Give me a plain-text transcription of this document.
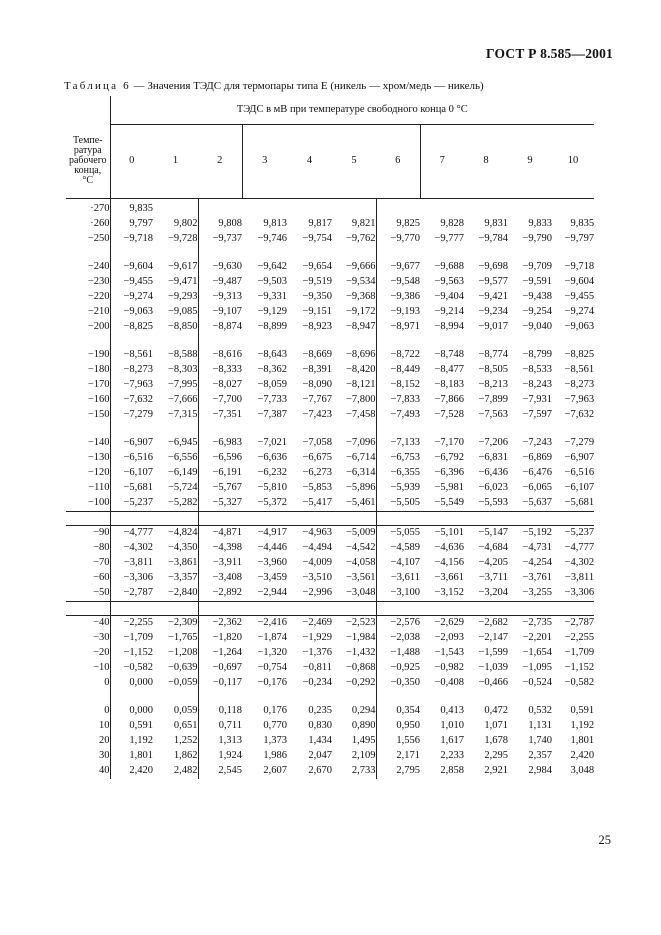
ГОСТ Р 8.585—2001
Таблица 6 — Значения ТЭДС для термопары типа Е (никель — хром/медь — никель)
	ТЭДС в мВ при температуре свободного конца 0 °С										

Темпе-
ратура
рабочего
конца,
°С	0	1	2	3	4	5	6	7	8	9	10
·270	9,835										
·260	9,797	9,802	9,808	9,813	9,817	9,821	9,825	9,828	9,831	9,833	9,835
−250	−9,718	−9,728	−9,737	−9,746	−9,754	−9,762	−9,770	−9,777	−9,784	−9,790	−9,797

−240	−9,604	−9,617	−9,630	−9,642	−9,654	−9,666	−9,677	−9,688	−9,698	−9,709	−9,718
−230	−9,455	−9,471	−9,487	−9,503	−9,519	−9,534	−9,548	−9,563	−9,577	−9,591	−9,604
−220	−9,274	−9,293	−9,313	−9,331	−9,350	−9,368	−9,386	−9,404	−9,421	−9,438	−9,455
−210	−9,063	−9,085	−9,107	−9,129	−9,151	−9,172	−9,193	−9,214	−9,234	−9,254	−9,274
−200	−8,825	−8,850	−8,874	−8,899	−8,923	−8,947	−8,971	−8,994	−9,017	−9,040	−9,063

−190	−8,561	−8,588	−8,616	−8,643	−8,669	−8,696	−8,722	−8,748	−8,774	−8,799	−8,825
−180	−8,273	−8,303	−8,333	−8,362	−8,391	−8,420	−8,449	−8,477	−8,505	−8,533	−8,561
−170	−7,963	−7,995	−8,027	−8,059	−8,090	−8,121	−8,152	−8,183	−8,213	−8,243	−8,273
−160	−7,632	−7,666	−7,700	−7,733	−7,767	−7,800	−7,833	−7,866	−7,899	−7,931	−7,963
−150	−7,279	−7,315	−7,351	−7,387	−7,423	−7,458	−7,493	−7,528	−7,563	−7,597	−7,632

−140	−6,907	−6,945	−6,983	−7,021	−7,058	−7,096	−7,133	−7,170	−7,206	−7,243	−7,279
−130	−6,516	−6,556	−6,596	−6,636	−6,675	−6,714	−6,753	−6,792	−6,831	−6,869	−6,907
−120	−6,107	−6,149	−6,191	−6,232	−6,273	−6,314	−6,355	−6,396	−6,436	−6,476	−6,516
−110	−5,681	−5,724	−5,767	−5,810	−5,853	−5,896	−5,939	−5,981	−6,023	−6,065	−6,107
−100	−5,237	−5,282	−5,327	−5,372	−5,417	−5,461	−5,505	−5,549	−5,593	−5,637	−5,681

−90	−4,777	−4,824	−4,871	−4,917	−4,963	−5,009	−5,055	−5,101	−5,147	−5,192	−5,237
−80	−4,302	−4,350	−4,398	−4,446	−4,494	−4,542	−4,589	−4,636	−4,684	−4,731	−4,777
−70	−3,811	−3,861	−3,911	−3,960	−4,009	−4,058	−4,107	−4,156	−4,205	−4,254	−4,302
−60	−3,306	−3,357	−3,408	−3,459	−3,510	−3,561	−3,611	−3,661	−3,711	−3,761	−3,811
−50	−2,787	−2,840	−2,892	−2,944	−2,996	−3,048	−3,100	−3,152	−3,204	−3,255	−3,306

−40	−2,255	−2,309	−2,362	−2,416	−2,469	−2,523	−2,576	−2,629	−2,682	−2,735	−2,787
−30	−1,709	−1,765	−1,820	−1,874	−1,929	−1,984	−2,038	−2,093	−2,147	−2,201	−2,255
−20	−1,152	−1,208	−1,264	−1,320	−1,376	−1,432	−1,488	−1,543	−1,599	−1,654	−1,709
−10	−0,582	−0,639	−0,697	−0,754	−0,811	−0,868	−0,925	−0,982	−1,039	−1,095	−1,152
0	0,000	−0,059	−0,117	−0,176	−0,234	−0,292	−0,350	−0,408	−0,466	−0,524	−0,582

0	0,000	0,059	0,118	0,176	0,235	0,294	0,354	0,413	0,472	0,532	0,591
10	0,591	0,651	0,711	0,770	0,830	0,890	0,950	1,010	1,071	1,131	1,192
20	1,192	1,252	1,313	1,373	1,434	1,495	1,556	1,617	1,678	1,740	1,801
30	1,801	1,862	1,924	1,986	2,047	2,109	2,171	2,233	2,295	2,357	2,420
40	2,420	2,482	2,545	2,607	2,670	2,733	2,795	2,858	2,921	2,984	3,048
25
